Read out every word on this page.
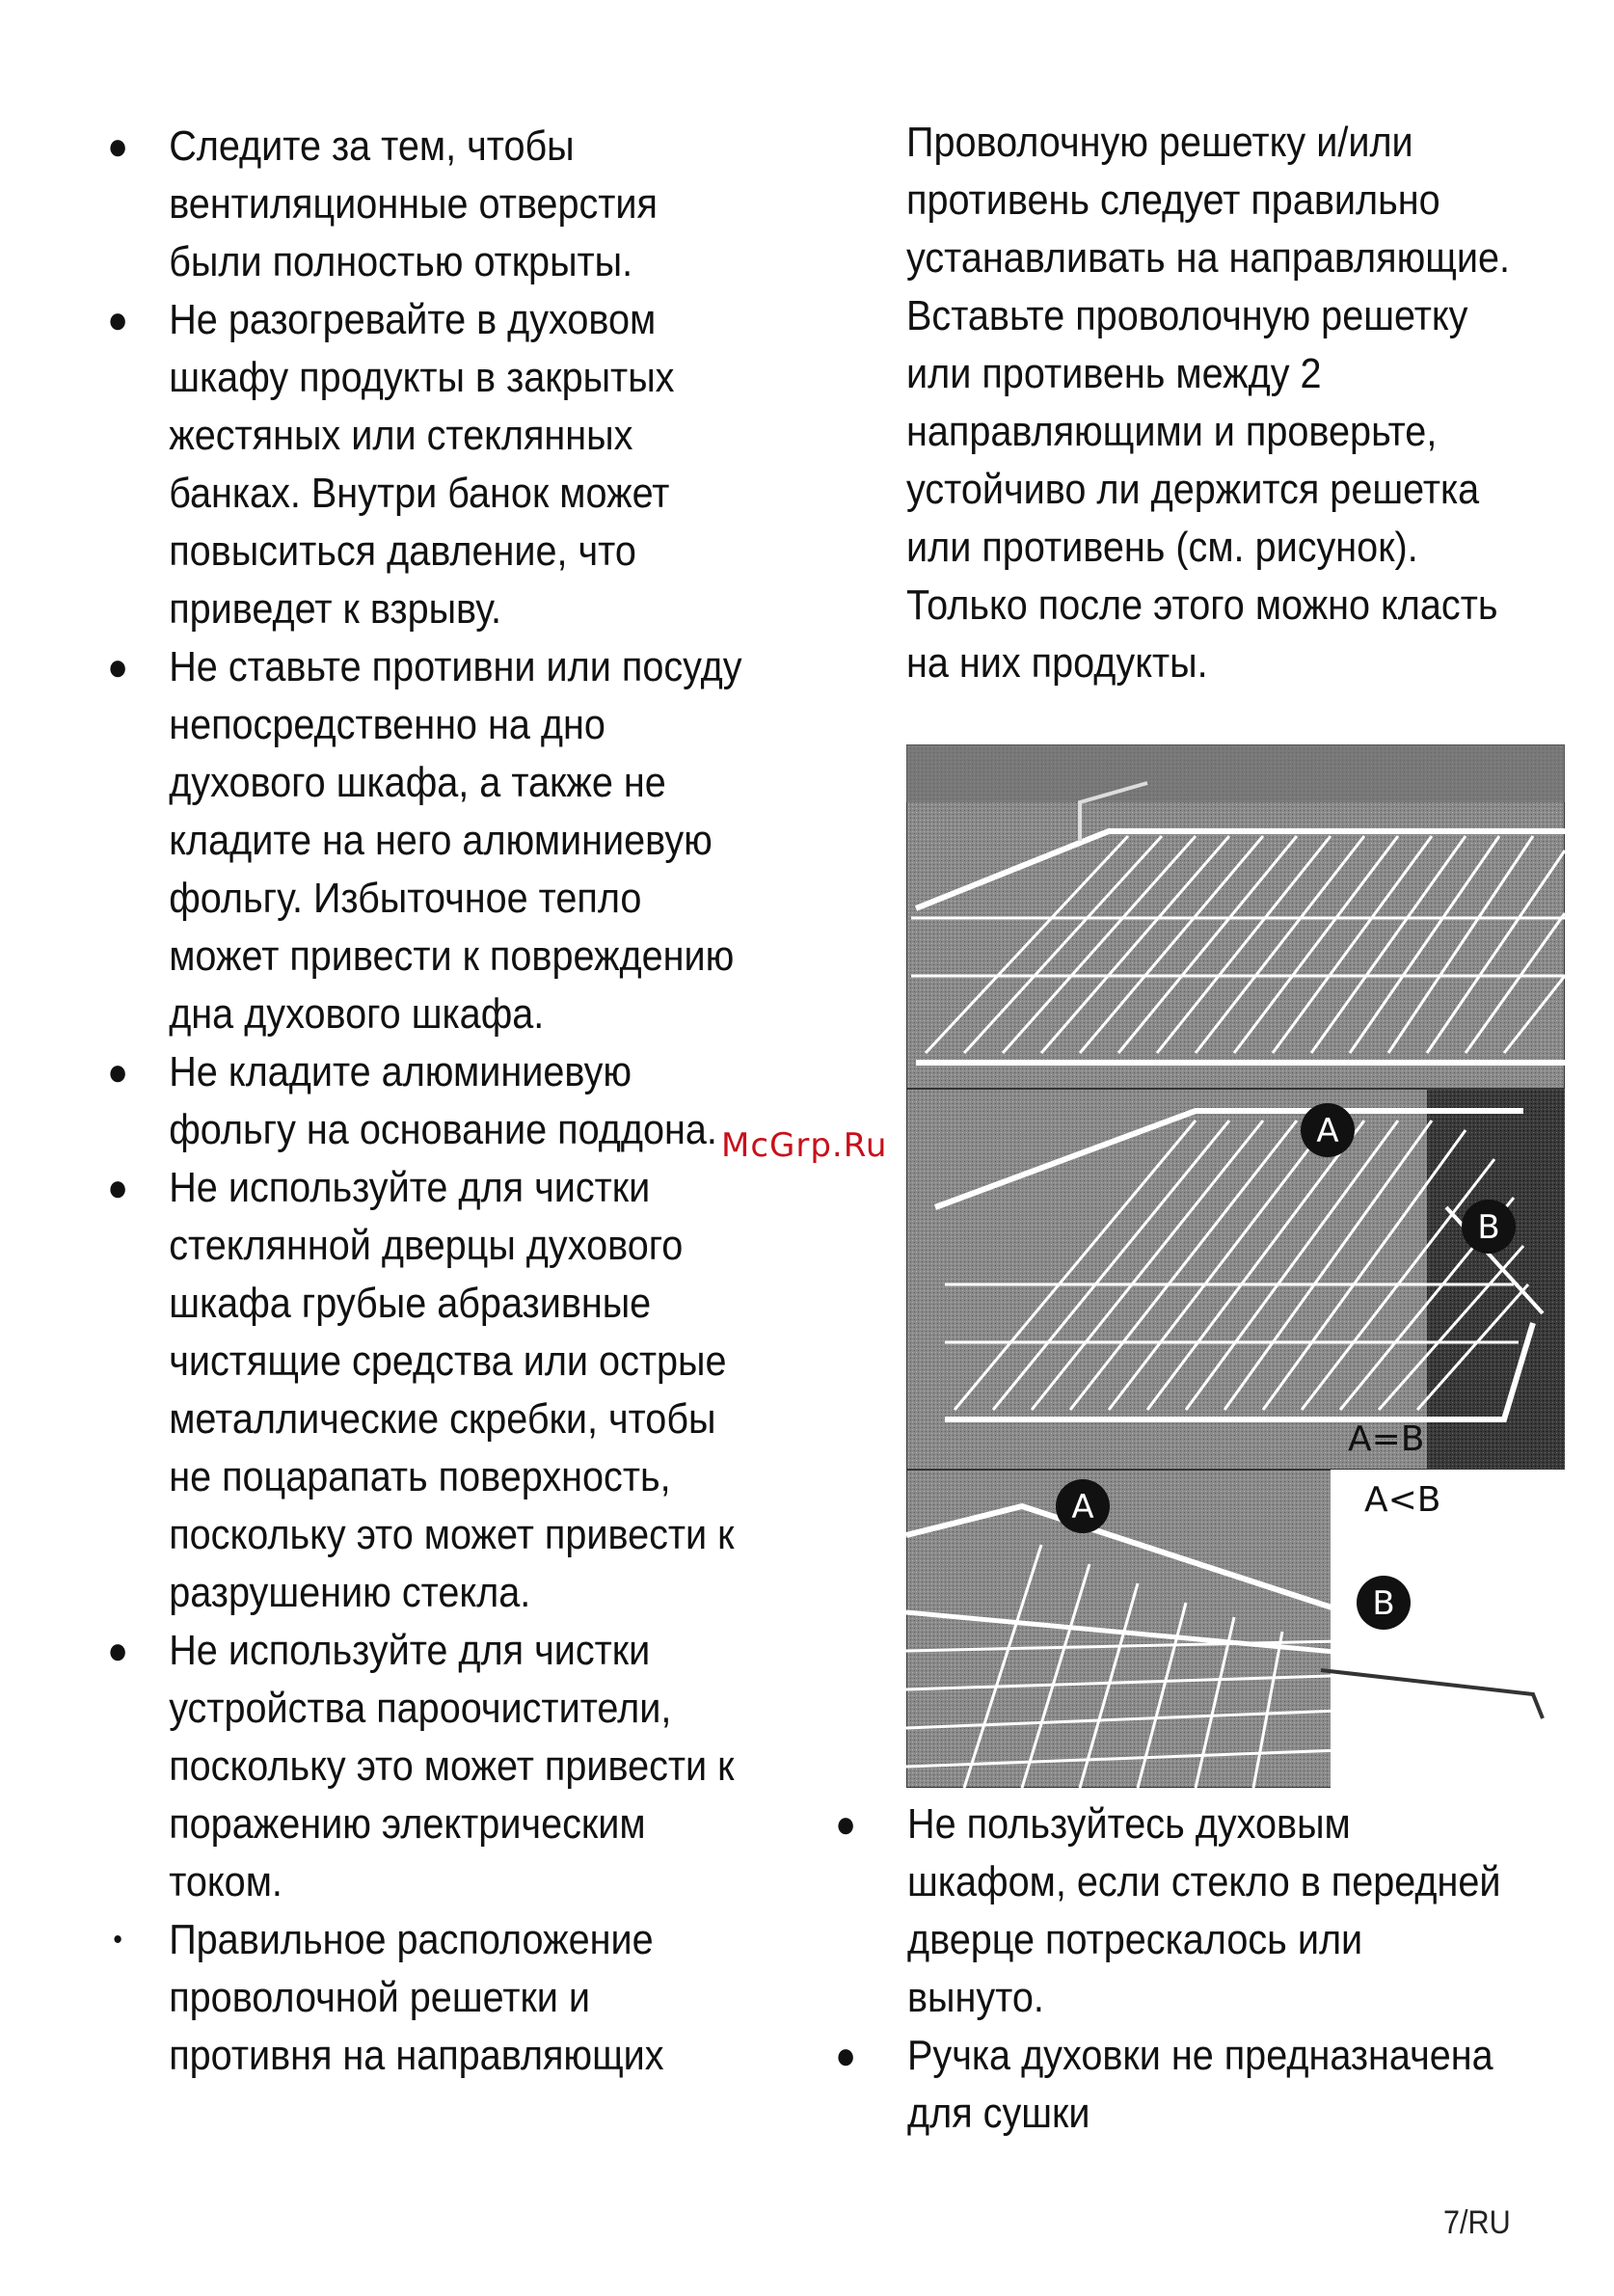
● Следите за тем, чтобы вентиляционные отверстия были полностью открыты.
● Не разогревайте в духовом шкафу продукты в закрытых жестяных или стеклянных банках. Внутри банок может повыситься давление, что приведет к взрыву.
● Не ставьте противни или посуду непосредственно на дно духового шкафа, а также не кладите на него алюминиевую фольгу. Избыточное тепло может привести к повреждению дна духового шкафа.
● Не кладите алюминиевую фольгу на основание поддона.
● Не используйте для чистки стеклянной дверцы духового шкафа грубые абразивные чистящие средства или острые металлические скребки, чтобы не поцарапать поверхность, поскольку это может привести к разрушению стекла.
● Не используйте для чистки устройства пароочистители, поскольку это может привести к поражению электрическим током.
• Правильное расположение проволочной решетки и противня на направляющих
Проволочную решетку и/или противень следует правильно устанавливать на направляющие. Вставьте проволочную решетку или противень между 2 направляющими и проверьте, устойчиво ли держится решетка или противень (см. рисунок). Только после этого можно класть на них продукты.
McGrp.Ru	A
B
A=B
A
B
A<B
● Не пользуйтесь духовым шкафом, если стекло в передней дверце потрескалось или вынуто.
● Ручка духовки не предназначена для сушки
7/RU
